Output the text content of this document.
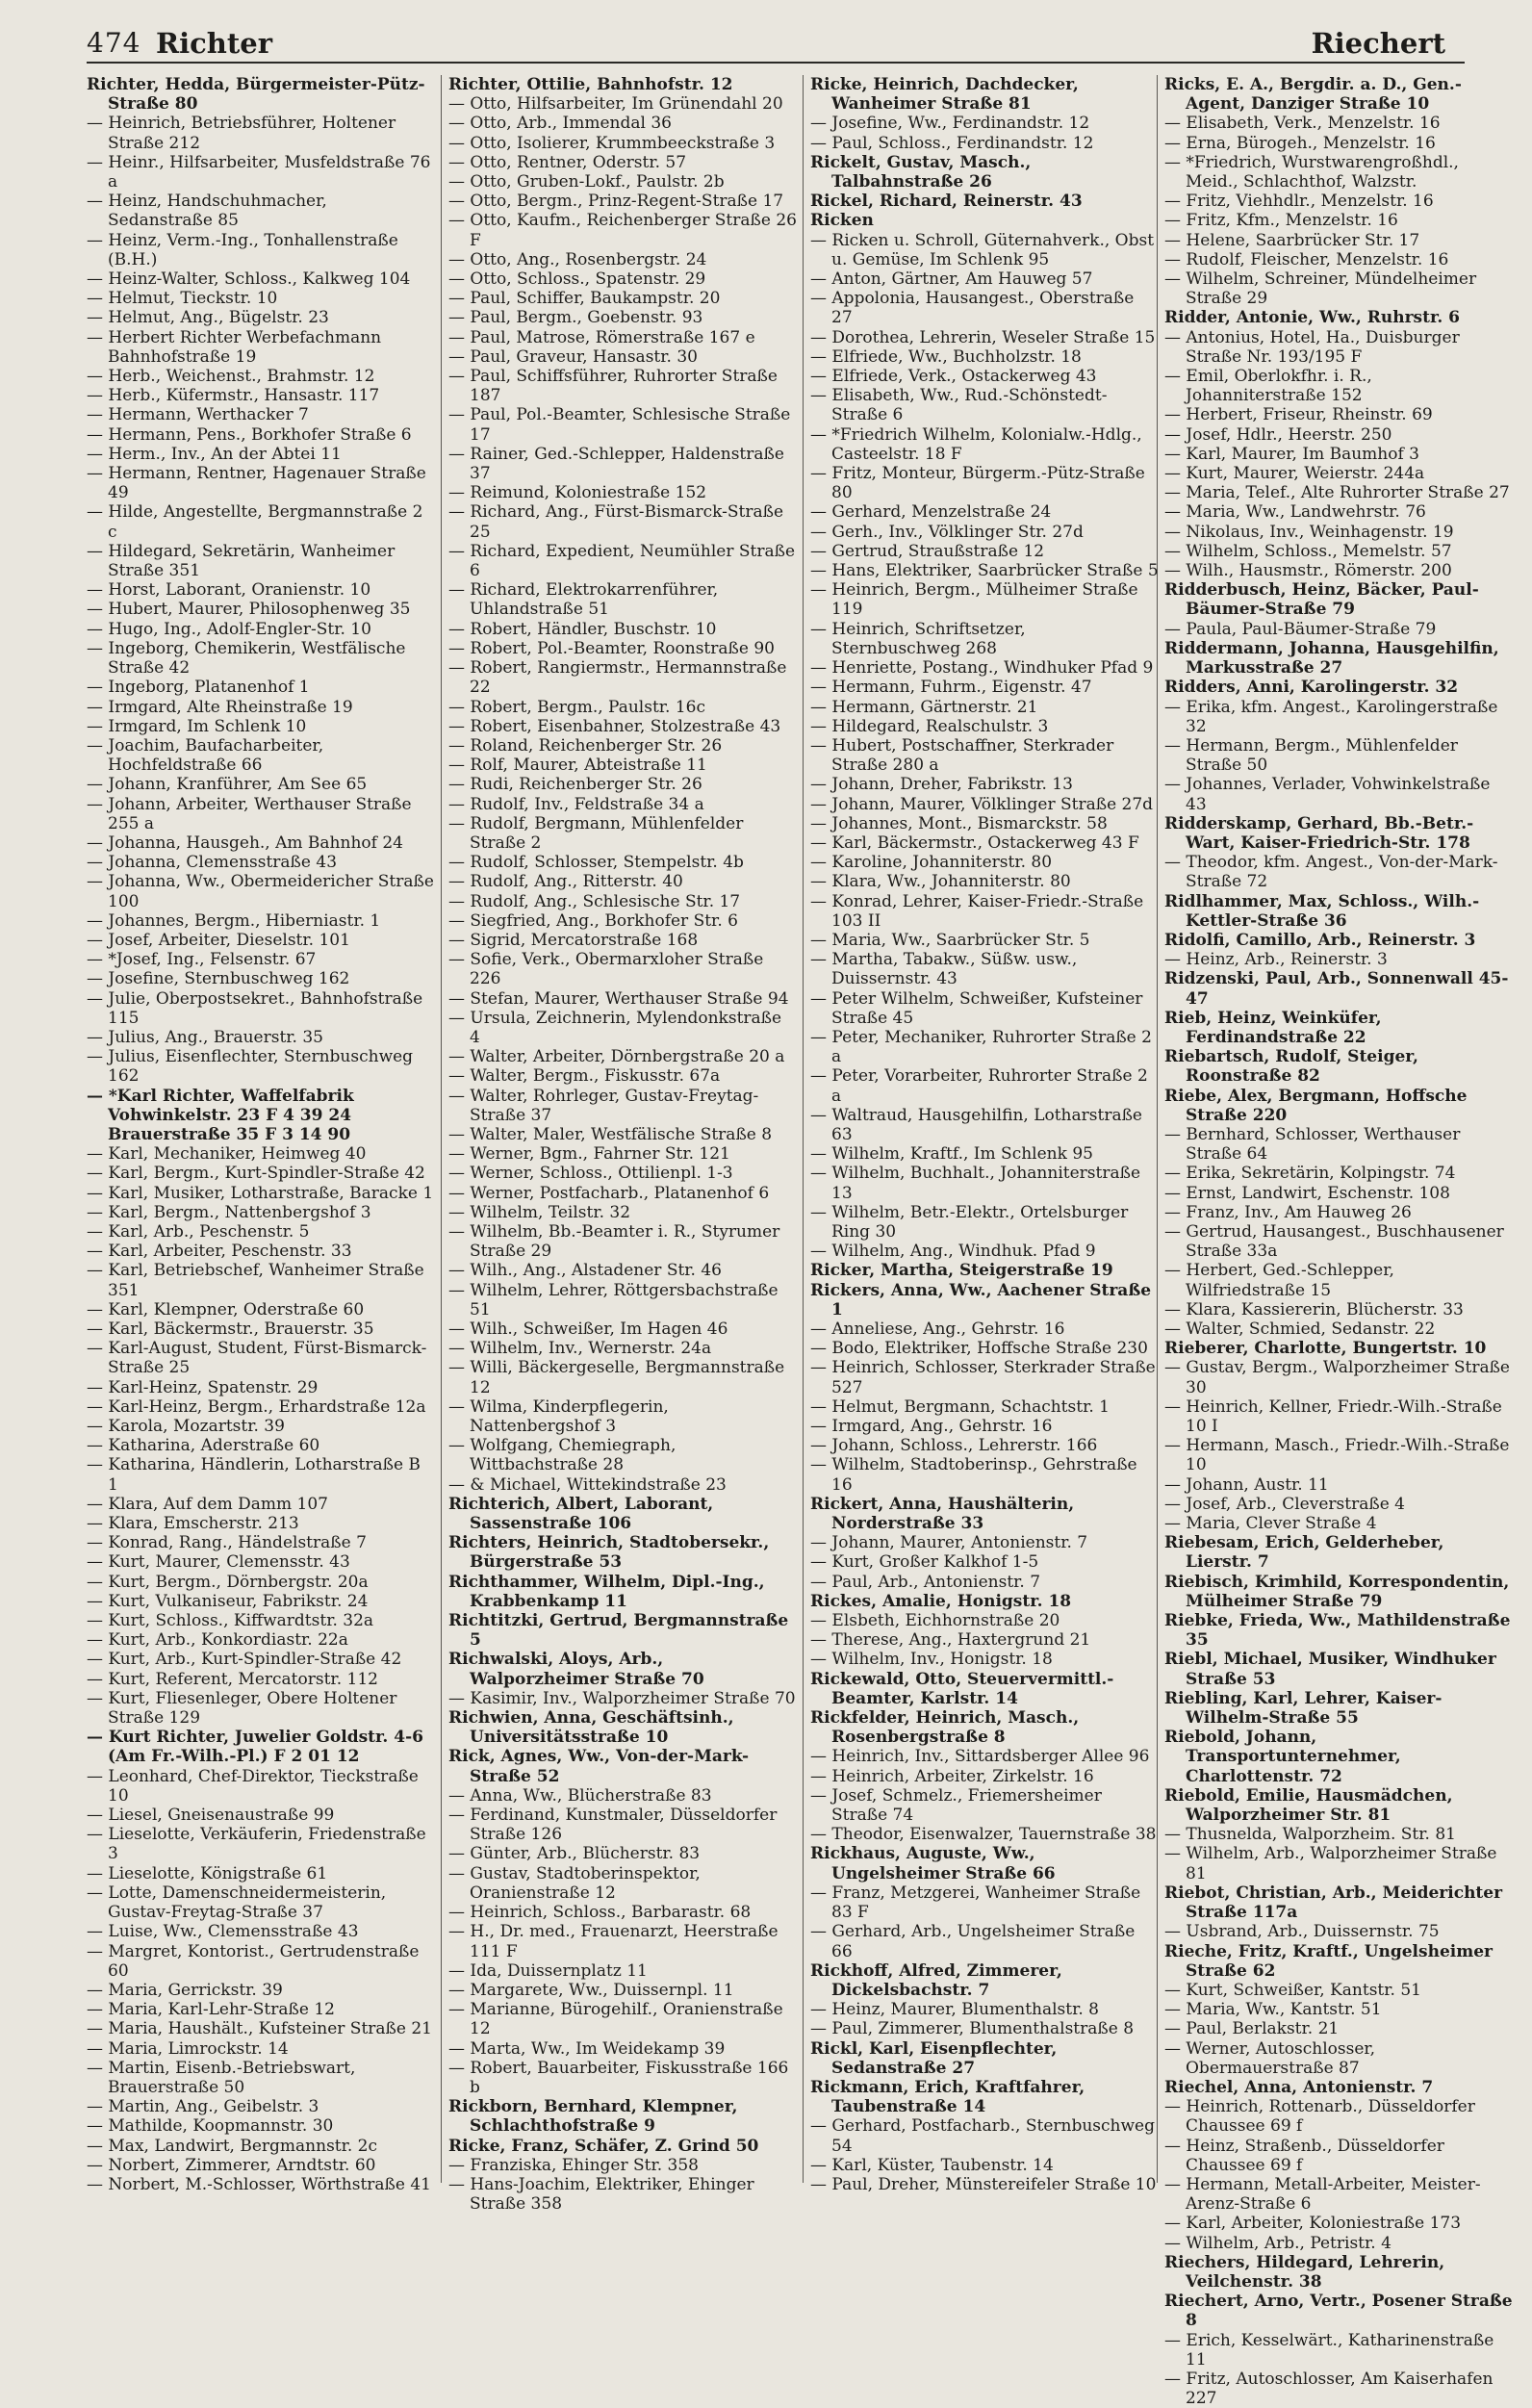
474 Richter	Riechert

Richter, Hedda, Bürgermeister-Pütz-Straße 80

— Heinrich, Betriebsführer, Holtener Straße 212

— Heinr., Hilfsarbeiter, Musfeldstraße 76 a

— Heinz, Handschuhmacher, Sedanstraße 85

— Heinz, Verm.-Ing., Tonhallenstraße (B.H.)

— Heinz-Walter, Schloss., Kalkweg 104

— Helmut, Tieckstr. 10

— Helmut, Ang., Bügelstr. 23

— Herbert Richter Werbefachmann Bahnhofstraße 19

— Herb., Weichenst., Brahmstr. 12

— Herb., Küfermstr., Hansastr. 117

— Hermann, Werthacker 7

— Hermann, Pens., Borkhofer Straße 6

— Herm., Inv., An der Abtei 11

— Hermann, Rentner, Hagenauer Straße 49

— Hilde, Angestellte, Bergmannstraße 2 c

— Hildegard, Sekretärin, Wanheimer Straße 351

— Horst, Laborant, Oranienstr. 10

— Hubert, Maurer, Philosophenweg 35

— Hugo, Ing., Adolf-Engler-Str. 10

— Ingeborg, Chemikerin, Westfälische Straße 42

— Ingeborg, Platanenhof 1

— Irmgard, Alte Rheinstraße 19

— Irmgard, Im Schlenk 10

— Joachim, Baufacharbeiter, Hochfeldstraße 66

— Johann, Kranführer, Am See 65

— Johann, Arbeiter, Werthauser Straße 255 a

— Johanna, Hausgeh., Am Bahnhof 24

— Johanna, Clemensstraße 43

— Johanna, Ww., Obermeidericher Straße 100

— Johannes, Bergm., Hiberniastr. 1

— Josef, Arbeiter, Dieselstr. 101

— *Josef, Ing., Felsenstr. 67

— Josefine, Sternbuschweg 162

— Julie, Oberpostsekret., Bahnhofstraße 115

— Julius, Ang., Brauerstr. 35

— Julius, Eisenflechter, Sternbuschweg 162

— *Karl Richter, Waffelfabrik Vohwinkelstr. 23 F 4 39 24 Brauerstraße 35 F 3 14 90

— Karl, Mechaniker, Heimweg 40

— Karl, Bergm., Kurt-Spindler-Straße 42

— Karl, Musiker, Lotharstraße, Baracke 1

— Karl, Bergm., Nattenbergshof 3

— Karl, Arb., Peschenstr. 5

— Karl, Arbeiter, Peschenstr. 33

— Karl, Betriebschef, Wanheimer Straße 351

— Karl, Klempner, Oderstraße 60

— Karl, Bäckermstr., Brauerstr. 35

— Karl-August, Student, Fürst-Bismarck-Straße 25

— Karl-Heinz, Spatenstr. 29

— Karl-Heinz, Bergm., Erhardstraße 12a

— Karola, Mozartstr. 39

— Katharina, Aderstraße 60

— Katharina, Händlerin, Lotharstraße B 1

— Klara, Auf dem Damm 107

— Klara, Emscherstr. 213

— Konrad, Rang., Händelstraße 7

— Kurt, Maurer, Clemensstr. 43

— Kurt, Bergm., Dörnbergstr. 20a

— Kurt, Vulkaniseur, Fabrikstr. 24

— Kurt, Schloss., Kiffwardtstr. 32a

— Kurt, Arb., Konkordiastr. 22a

— Kurt, Arb., Kurt-Spindler-Straße 42

— Kurt, Referent, Mercatorstr. 112

— Kurt, Fliesenleger, Obere Holtener Straße 129

— Kurt Richter, Juwelier Goldstr. 4-6 (Am Fr.-Wilh.-Pl.) F 2 01 12

— Leonhard, Chef-Direktor, Tieckstraße 10

— Liesel, Gneisenaustraße 99

— Lieselotte, Verkäuferin, Friedenstraße 3

— Lieselotte, Königstraße 61

— Lotte, Damenschneidermeisterin, Gustav-Freytag-Straße 37

— Luise, Ww., Clemensstraße 43

— Margret, Kontorist., Gertrudenstraße 60

— Maria, Gerrickstr. 39

— Maria, Karl-Lehr-Straße 12

— Maria, Haushält., Kufsteiner Straße 21

— Maria, Limrockstr. 14

— Martin, Eisenb.-Betriebswart, Brauerstraße 50

— Martin, Ang., Geibelstr. 3

— Mathilde, Koopmannstr. 30

— Max, Landwirt, Bergmannstr. 2c

— Norbert, Zimmerer, Arndtstr. 60

— Norbert, M.-Schlosser, Wörthstraße 41

Richter, Ottilie, Bahnhofstr. 12

— Otto, Hilfsarbeiter, Im Grünendahl 20

— Otto, Arb., Immendal 36

— Otto, Isolierer, Krummbeeckstraße 3

— Otto, Rentner, Oderstr. 57

— Otto, Gruben-Lokf., Paulstr. 2b

— Otto, Bergm., Prinz-Regent-Straße 17

— Otto, Kaufm., Reichenberger Straße 26 F

— Otto, Ang., Rosenbergstr. 24

— Otto, Schloss., Spatenstr. 29

— Paul, Schiffer, Baukampstr. 20

— Paul, Bergm., Goebenstr. 93

— Paul, Matrose, Römerstraße 167 e

— Paul, Graveur, Hansastr. 30

— Paul, Schiffsführer, Ruhrorter Straße 187

— Paul, Pol.-Beamter, Schlesische Straße 17

— Rainer, Ged.-Schlepper, Haldenstraße 37

— Reimund, Koloniestraße 152

— Richard, Ang., Fürst-Bismarck-Straße 25

— Richard, Expedient, Neumühler Straße 6

— Richard, Elektrokarrenführer, Uhlandstraße 51

— Robert, Händler, Buschstr. 10

— Robert, Pol.-Beamter, Roonstraße 90

— Robert, Rangiermstr., Hermannstraße 22

— Robert, Bergm., Paulstr. 16c

— Robert, Eisenbahner, Stolzestraße 43

— Roland, Reichenberger Str. 26

— Rolf, Maurer, Abteistraße 11

— Rudi, Reichenberger Str. 26

— Rudolf, Inv., Feldstraße 34 a

— Rudolf, Bergmann, Mühlenfelder Straße 2

— Rudolf, Schlosser, Stempelstr. 4b

— Rudolf, Ang., Ritterstr. 40

— Rudolf, Ang., Schlesische Str. 17

— Siegfried, Ang., Borkhofer Str. 6

— Sigrid, Mercatorstraße 168

— Sofie, Verk., Obermarxloher Straße 226

— Stefan, Maurer, Werthauser Straße 94

— Ursula, Zeichnerin, Mylendonkstraße 4

— Walter, Arbeiter, Dörnbergstraße 20 a

— Walter, Bergm., Fiskusstr. 67a

— Walter, Rohrleger, Gustav-Freytag-Straße 37

— Walter, Maler, Westfälische Straße 8

— Werner, Bgm., Fahrner Str. 121

— Werner, Schloss., Ottilienpl. 1-3

— Werner, Postfacharb., Platanenhof 6

— Wilhelm, Teilstr. 32

— Wilhelm, Bb.-Beamter i. R., Styrumer Straße 29

— Wilh., Ang., Alstadener Str. 46

— Wilhelm, Lehrer, Röttgersbachstraße 51

— Wilh., Schweißer, Im Hagen 46

— Wilhelm, Inv., Wernerstr. 24a

— Willi, Bäckergeselle, Bergmannstraße 12

— Wilma, Kinderpflegerin, Nattenbergshof 3

— Wolfgang, Chemiegraph, Wittbachstraße 28

— & Michael, Wittekindstraße 23

Richterich, Albert, Laborant, Sassenstraße 106

Richters, Heinrich, Stadtobersekr., Bürgerstraße 53

Richthammer, Wilhelm, Dipl.-Ing., Krabbenkamp 11

Richtitzki, Gertrud, Bergmannstraße 5

Richwalski, Aloys, Arb., Walporzheimer Straße 70

— Kasimir, Inv., Walporzheimer Straße 70

Richwien, Anna, Geschäftsinh., Universitätsstraße 10

Rick, Agnes, Ww., Von-der-Mark-Straße 52

— Anna, Ww., Blücherstraße 83

— Ferdinand, Kunstmaler, Düsseldorfer Straße 126

— Günter, Arb., Blücherstr. 83

— Gustav, Stadtoberinspektor, Oranienstraße 12

— Heinrich, Schloss., Barbarastr. 68

— H., Dr. med., Frauenarzt, Heerstraße 111 F

— Ida, Duissernplatz 11

— Margarete, Ww., Duissernpl. 11

— Marianne, Bürogehilf., Oranienstraße 12

— Marta, Ww., Im Weidekamp 39

— Robert, Bauarbeiter, Fiskusstraße 166 b

Rickborn, Bernhard, Klempner, Schlachthofstraße 9

Ricke, Franz, Schäfer, Z. Grind 50

— Franziska, Ehinger Str. 358

— Hans-Joachim, Elektriker, Ehinger Straße 358

Ricke, Heinrich, Dachdecker, Wanheimer Straße 81

— Josefine, Ww., Ferdinandstr. 12

— Paul, Schloss., Ferdinandstr. 12

Rickelt, Gustav, Masch., Talbahnstraße 26

Rickel, Richard, Reinerstr. 43

Ricken

— Ricken u. Schroll, Güternahverk., Obst u. Gemüse, Im Schlenk 95

— Anton, Gärtner, Am Hauweg 57

— Appolonia, Hausangest., Oberstraße 27

— Dorothea, Lehrerin, Weseler Straße 15

— Elfriede, Ww., Buchholzstr. 18

— Elfriede, Verk., Ostackerweg 43

— Elisabeth, Ww., Rud.-Schönstedt-Straße 6

— *Friedrich Wilhelm, Kolonialw.-Hdlg., Casteelstr. 18 F

— Fritz, Monteur, Bürgerm.-Pütz-Straße 80

— Gerhard, Menzelstraße 24

— Gerh., Inv., Völklinger Str. 27d

— Gertrud, Straußstraße 12

— Hans, Elektriker, Saarbrücker Straße 5

— Heinrich, Bergm., Mülheimer Straße 119

— Heinrich, Schriftsetzer, Sternbuschweg 268

— Henriette, Postang., Windhuker Pfad 9

— Hermann, Fuhrm., Eigenstr. 47

— Hermann, Gärtnerstr. 21

— Hildegard, Realschulstr. 3

— Hubert, Postschaffner, Sterkrader Straße 280 a

— Johann, Dreher, Fabrikstr. 13

— Johann, Maurer, Völklinger Straße 27d

— Johannes, Mont., Bismarckstr. 58

— Karl, Bäckermstr., Ostackerweg 43 F

— Karoline, Johanniterstr. 80

— Klara, Ww., Johanniterstr. 80

— Konrad, Lehrer, Kaiser-Friedr.-Straße 103 II

— Maria, Ww., Saarbrücker Str. 5

— Martha, Tabakw., Süßw. usw., Duissernstr. 43

— Peter Wilhelm, Schweißer, Kufsteiner Straße 45

— Peter, Mechaniker, Ruhrorter Straße 2 a

— Peter, Vorarbeiter, Ruhrorter Straße 2 a

— Waltraud, Hausgehilfin, Lotharstraße 63

— Wilhelm, Kraftf., Im Schlenk 95

— Wilhelm, Buchhalt., Johanniterstraße 13

— Wilhelm, Betr.-Elektr., Ortelsburger Ring 30

— Wilhelm, Ang., Windhuk. Pfad 9

Ricker, Martha, Steigerstraße 19

Rickers, Anna, Ww., Aachener Straße 1

— Anneliese, Ang., Gehrstr. 16

— Bodo, Elektriker, Hoffsche Straße 230

— Heinrich, Schlosser, Sterkrader Straße 527

— Helmut, Bergmann, Schachtstr. 1

— Irmgard, Ang., Gehrstr. 16

— Johann, Schloss., Lehrerstr. 166

— Wilhelm, Stadtoberinsp., Gehrstraße 16

Rickert, Anna, Haushälterin, Norderstraße 33

— Johann, Maurer, Antonienstr. 7

— Kurt, Großer Kalkhof 1-5

— Paul, Arb., Antonienstr. 7

Rickes, Amalie, Honigstr. 18

— Elsbeth, Eichhornstraße 20

— Therese, Ang., Haxtergrund 21

— Wilhelm, Inv., Honigstr. 18

Rickewald, Otto, Steuervermittl.-Beamter, Karlstr. 14

Rickfelder, Heinrich, Masch., Rosenbergstraße 8

— Heinrich, Inv., Sittardsberger Allee 96

— Heinrich, Arbeiter, Zirkelstr. 16

— Josef, Schmelz., Friemersheimer Straße 74

— Theodor, Eisenwalzer, Tauernstraße 38

Rickhaus, Auguste, Ww., Ungelsheimer Straße 66

— Franz, Metzgerei, Wanheimer Straße 83 F

— Gerhard, Arb., Ungelsheimer Straße 66

Rickhoff, Alfred, Zimmerer, Dickelsbachstr. 7

— Heinz, Maurer, Blumenthalstr. 8

— Paul, Zimmerer, Blumenthalstraße 8

Rickl, Karl, Eisenpflechter, Sedanstraße 27

Rickmann, Erich, Kraftfahrer, Taubenstraße 14

— Gerhard, Postfacharb., Sternbuschweg 54

— Karl, Küster, Taubenstr. 14

— Paul, Dreher, Münstereifeler Straße 10

Ricks, E. A., Bergdir. a. D., Gen.-Agent, Danziger Straße 10

— Elisabeth, Verk., Menzelstr. 16

— Erna, Bürogeh., Menzelstr. 16

— *Friedrich, Wurstwarengroßhdl., Meid., Schlachthof, Walzstr.

— Fritz, Viehhdlr., Menzelstr. 16

— Fritz, Kfm., Menzelstr. 16

— Helene, Saarbrücker Str. 17

— Rudolf, Fleischer, Menzelstr. 16

— Wilhelm, Schreiner, Mündelheimer Straße 29

Ridder, Antonie, Ww., Ruhrstr. 6

— Antonius, Hotel, Ha., Duisburger Straße Nr. 193/195 F

— Emil, Oberlokfhr. i. R., Johanniterstraße 152

— Herbert, Friseur, Rheinstr. 69

— Josef, Hdlr., Heerstr. 250

— Karl, Maurer, Im Baumhof 3

— Kurt, Maurer, Weierstr. 244a

— Maria, Telef., Alte Ruhrorter Straße 27

— Maria, Ww., Landwehrstr. 76

— Nikolaus, Inv., Weinhagenstr. 19

— Wilhelm, Schloss., Memelstr. 57

— Wilh., Hausmstr., Römerstr. 200

Ridderbusch, Heinz, Bäcker, Paul-Bäumer-Straße 79

— Paula, Paul-Bäumer-Straße 79

Riddermann, Johanna, Hausgehilfin, Markusstraße 27

Ridders, Anni, Karolingerstr. 32

— Erika, kfm. Angest., Karolingerstraße 32

— Hermann, Bergm., Mühlenfelder Straße 50

— Johannes, Verlader, Vohwinkelstraße 43

Ridderskamp, Gerhard, Bb.-Betr.-Wart, Kaiser-Friedrich-Str. 178

— Theodor, kfm. Angest., Von-der-Mark-Straße 72

Ridlhammer, Max, Schloss., Wilh.-Kettler-Straße 36

Ridolfi, Camillo, Arb., Reinerstr. 3

— Heinz, Arb., Reinerstr. 3

Ridzenski, Paul, Arb., Sonnenwall 45-47

Rieb, Heinz, Weinküfer, Ferdinandstraße 22

Riebartsch, Rudolf, Steiger, Roonstraße 82

Riebe, Alex, Bergmann, Hoffsche Straße 220

— Bernhard, Schlosser, Werthauser Straße 64

— Erika, Sekretärin, Kolpingstr. 74

— Ernst, Landwirt, Eschenstr. 108

— Franz, Inv., Am Hauweg 26

— Gertrud, Hausangest., Buschhausener Straße 33a

— Herbert, Ged.-Schlepper, Wilfriedstraße 15

— Klara, Kassiererin, Blücherstr. 33

— Walter, Schmied, Sedanstr. 22

Rieberer, Charlotte, Bungertstr. 10

— Gustav, Bergm., Walporzheimer Straße 30

— Heinrich, Kellner, Friedr.-Wilh.-Straße 10 I

— Hermann, Masch., Friedr.-Wilh.-Straße 10

— Johann, Austr. 11

— Josef, Arb., Cleverstraße 4

— Maria, Clever Straße 4

Riebesam, Erich, Gelderheber, Lierstr. 7

Riebisch, Krimhild, Korrespondentin, Mülheimer Straße 79

Riebke, Frieda, Ww., Mathildenstraße 35

Riebl, Michael, Musiker, Windhuker Straße 53

Riebling, Karl, Lehrer, Kaiser-Wilhelm-Straße 55

Riebold, Johann, Transportunternehmer, Charlottenstr. 72

Riebold, Emilie, Hausmädchen, Walporzheimer Str. 81

— Thusnelda, Walporzheim. Str. 81

— Wilhelm, Arb., Walporzheimer Straße 81

Riebot, Christian, Arb., Meiderichter Straße 117a

— Usbrand, Arb., Duissernstr. 75

Rieche, Fritz, Kraftf., Ungelsheimer Straße 62

— Kurt, Schweißer, Kantstr. 51

— Maria, Ww., Kantstr. 51

— Paul, Berlakstr. 21

— Werner, Autoschlosser, Obermauerstraße 87

Riechel, Anna, Antonienstr. 7

— Heinrich, Rottenarb., Düsseldorfer Chaussee 69 f

— Heinz, Straßenb., Düsseldorfer Chaussee 69 f

— Hermann, Metall-Arbeiter, Meister-Arenz-Straße 6

— Karl, Arbeiter, Koloniestraße 173

— Wilhelm, Arb., Petristr. 4

Riechers, Hildegard, Lehrerin, Veilchenstr. 38

Riechert, Arno, Vertr., Posener Straße 8

— Erich, Kesselwärt., Katharinenstraße 11

— Fritz, Autoschlosser, Am Kaiserhafen 227
